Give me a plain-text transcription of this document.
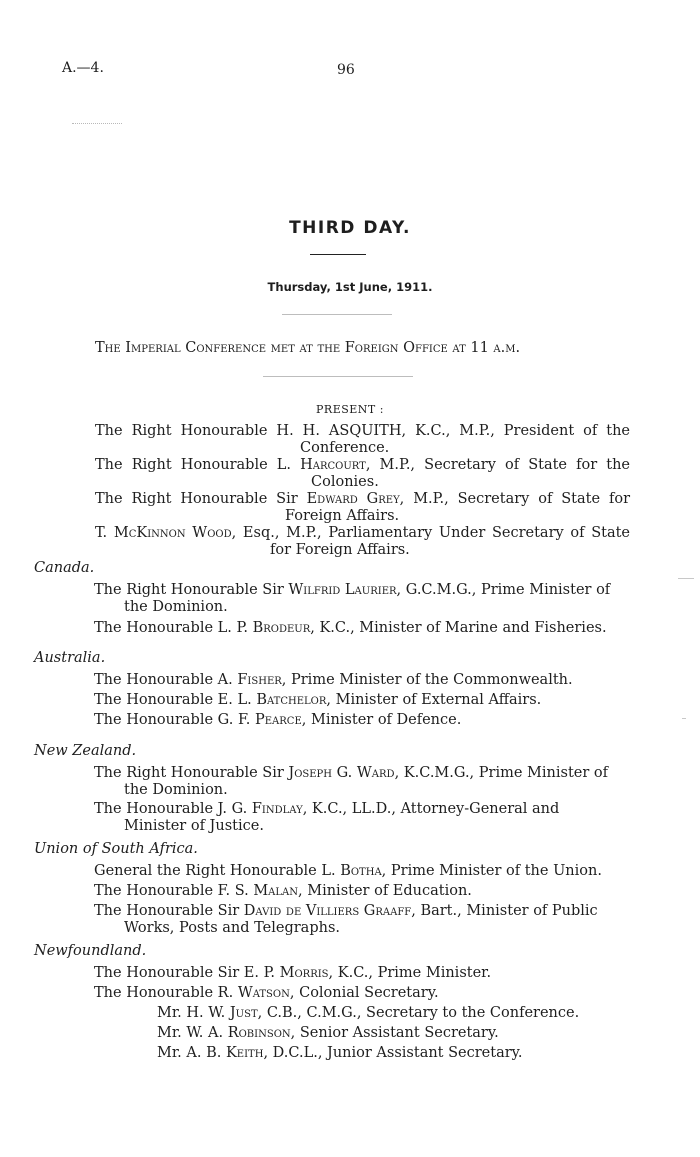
A.—4.	96
THIRD DAY.
Thursday, 1st June, 1911.
The Imperial Conference met at the Foreign Office at 11 a.m.
PRESENT :
The Right Honourable H. H. ASQUITH, K.C., M.P., President of the
Conference.
The Right Honourable L. Harcourt, M.P., Secretary of State for the
Colonies.
The Right Honourable Sir Edward Grey, M.P., Secretary of State for
Foreign Affairs.
T. McKinnon Wood, Esq., M.P., Parliamentary Under Secretary of State
for Foreign Affairs.
Canada.
The Right Honourable Sir Wilfrid Laurier, G.C.M.G., Prime Minister of
the Dominion.
The Honourable L. P. Brodeur, K.C., Minister of Marine and Fisheries.
Australia.
The Honourable A. Fisher, Prime Minister of the Commonwealth.
The Honourable E. L. Batchelor, Minister of External Affairs.
The Honourable G. F. Pearce, Minister of Defence.
New Zealand.
The Right Honourable Sir Joseph G. Ward, K.C.M.G., Prime Minister of
the Dominion.
The Honourable J. G. Findlay, K.C., LL.D., Attorney-General and
Minister of Justice.
Union of South Africa.
General the Right Honourable L. Botha, Prime Minister of the Union.
The Honourable F. S. Malan, Minister of Education.
The Honourable Sir David de Villiers Graaff, Bart., Minister of Public
Works, Posts and Telegraphs.
Newfoundland.
The Honourable Sir E. P. Morris, K.C., Prime Minister.
The Honourable R. Watson, Colonial Secretary.
Mr. H. W. Just, C.B., C.M.G., Secretary to the Conference.
Mr. W. A. Robinson, Senior Assistant Secretary.
Mr. A. B. Keith, D.C.L., Junior Assistant Secretary.
